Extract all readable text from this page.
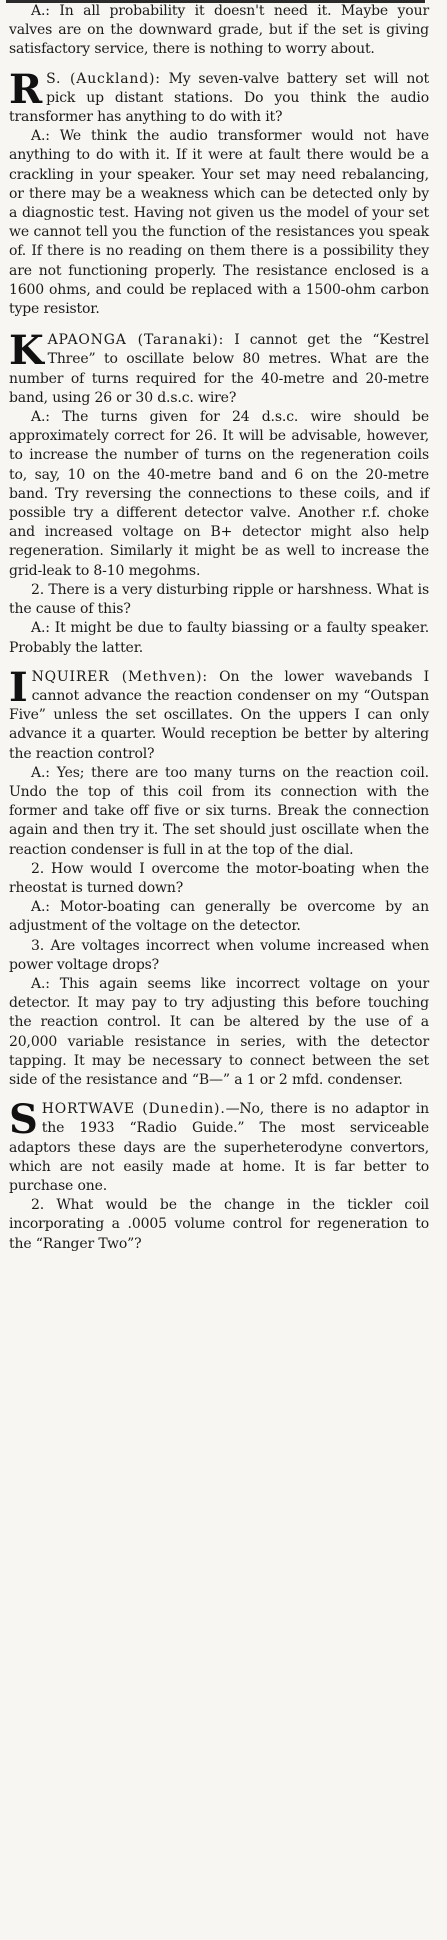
A.: In all probability it doesn't need it. Maybe your valves are on the downward grade, but if the set is giving satisfactory service, there is nothing to worry about.

R S. (Auckland): My seven-valve battery set will not pick up distant stations. Do you think the audio transformer has anything to do with it?

A.: We think the audio transformer would not have anything to do with it. If it were at fault there would be a crackling in your speaker. Your set may need rebalancing, or there may be a weakness which can be detected only by a diagnostic test. Having not given us the model of your set we cannot tell you the function of the resistances you speak of. If there is no reading on them there is a possibility they are not functioning properly. The resistance enclosed is a 1600 ohms, and could be replaced with a 1500-ohm carbon type resistor.

KAPAONGA (Taranaki): I cannot get the “Kestrel Three” to oscillate below 80 metres. What are the number of turns required for the 40-metre and 20-metre band, using 26 or 30 d.s.c. wire?

A.: The turns given for 24 d.s.c. wire should be approximately correct for 26. It will be advisable, however, to increase the number of turns on the regeneration coils to, say, 10 on the 40-metre band and 6 on the 20-metre band. Try reversing the connections to these coils, and if possible try a different detector valve. Another r.f. choke and increased voltage on B+ detector might also help regeneration. Similarly it might be as well to increase the grid-leak to 8-10 megohms.

2. There is a very disturbing ripple or harshness. What is the cause of this?

A.: It might be due to faulty biassing or a faulty speaker. Probably the latter.

INQUIRER (Methven): On the lower wavebands I cannot advance the reaction condenser on my “Outspan Five” unless the set oscillates. On the uppers I can only advance it a quarter. Would reception be better by altering the reaction control?

A.: Yes; there are too many turns on the reaction coil. Undo the top of this coil from its connection with the former and take off five or six turns. Break the connection again and then try it. The set should just oscillate when the reaction condenser is full in at the top of the dial.

2. How would I overcome the motor-boating when the rheostat is turned down?

A.: Motor-boating can generally be overcome by an adjustment of the voltage on the detector.

3. Are voltages incorrect when volume increased when power voltage drops?

A.: This again seems like incorrect voltage on your detector. It may pay to try adjusting this before touching the reaction control. It can be altered by the use of a 20,000 variable resistance in series, with the detector tapping. It may be necessary to connect between the set side of the resistance and “B—” a 1 or 2 mfd. condenser.

SHORTWAVE (Dunedin).—No, there is no adaptor in the 1933 “Radio Guide.” The most serviceable adaptors these days are the superheterodyne convertors, which are not easily made at home. It is far better to purchase one.

2. What would be the change in the tickler coil incorporating a .0005 volume control for regeneration to the “Ranger Two”?
